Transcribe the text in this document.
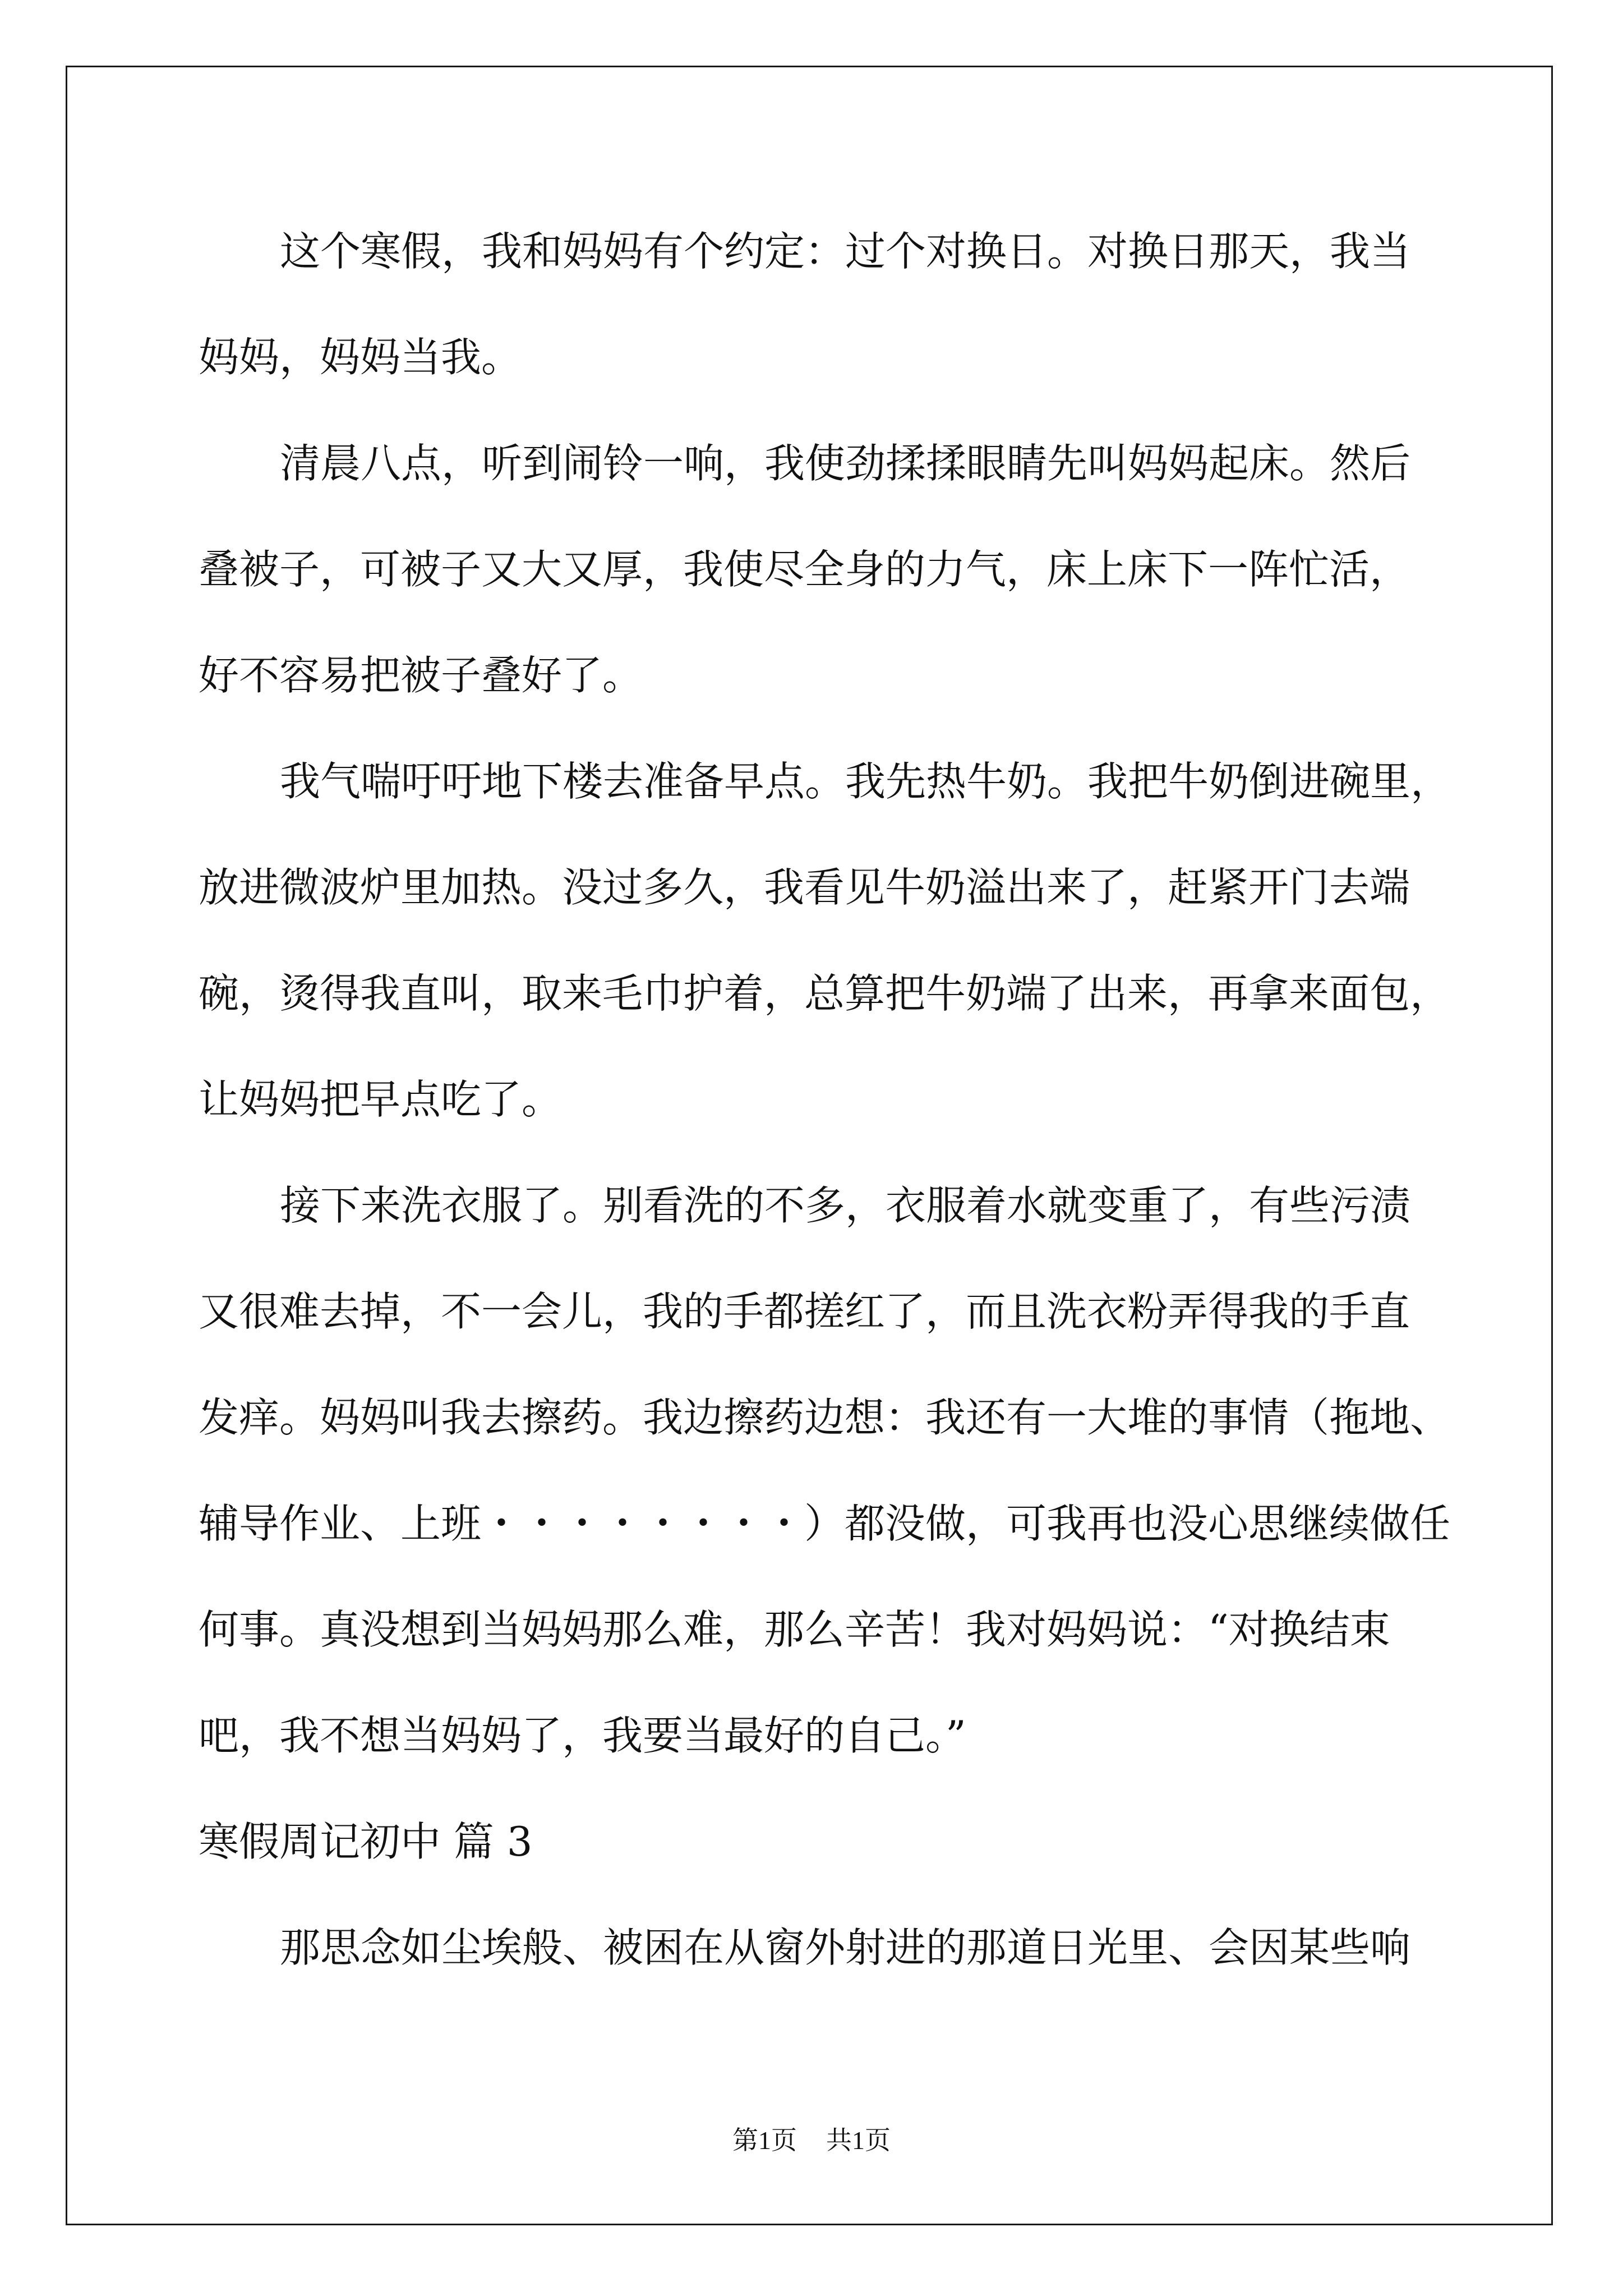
这个寒假，我和妈妈有个约定：过个对换日。对换日那天，我当
妈妈，妈妈当我。
清晨八点，听到闹铃一响，我使劲揉揉眼睛先叫妈妈起床。然后
叠被子，可被子又大又厚，我使尽全身的力气，床上床下一阵忙活，
好不容易把被子叠好了。
我气喘吁吁地下楼去准备早点。我先热牛奶。我把牛奶倒进碗里，
放进微波炉里加热。没过多久，我看见牛奶溢出来了，赶紧开门去端
碗，烫得我直叫，取来毛巾护着，总算把牛奶端了出来，再拿来面包，
让妈妈把早点吃了。
接下来洗衣服了。别看洗的不多，衣服着水就变重了，有些污渍
又很难去掉，不一会儿，我的手都搓红了，而且洗衣粉弄得我的手直
发痒。妈妈叫我去擦药。我边擦药边想：我还有一大堆的事情（拖地、
辅导作业、上班・・・・・・・・）都没做，可我再也没心思继续做任
何事。真没想到当妈妈那么难，那么辛苦！我对妈妈说：“对换结束
吧，我不想当妈妈了，我要当最好的自己。”
寒假周记初中 篇 3
那思念如尘埃般、被困在从窗外射进的那道日光里、会因某些响
第1页 共1页
